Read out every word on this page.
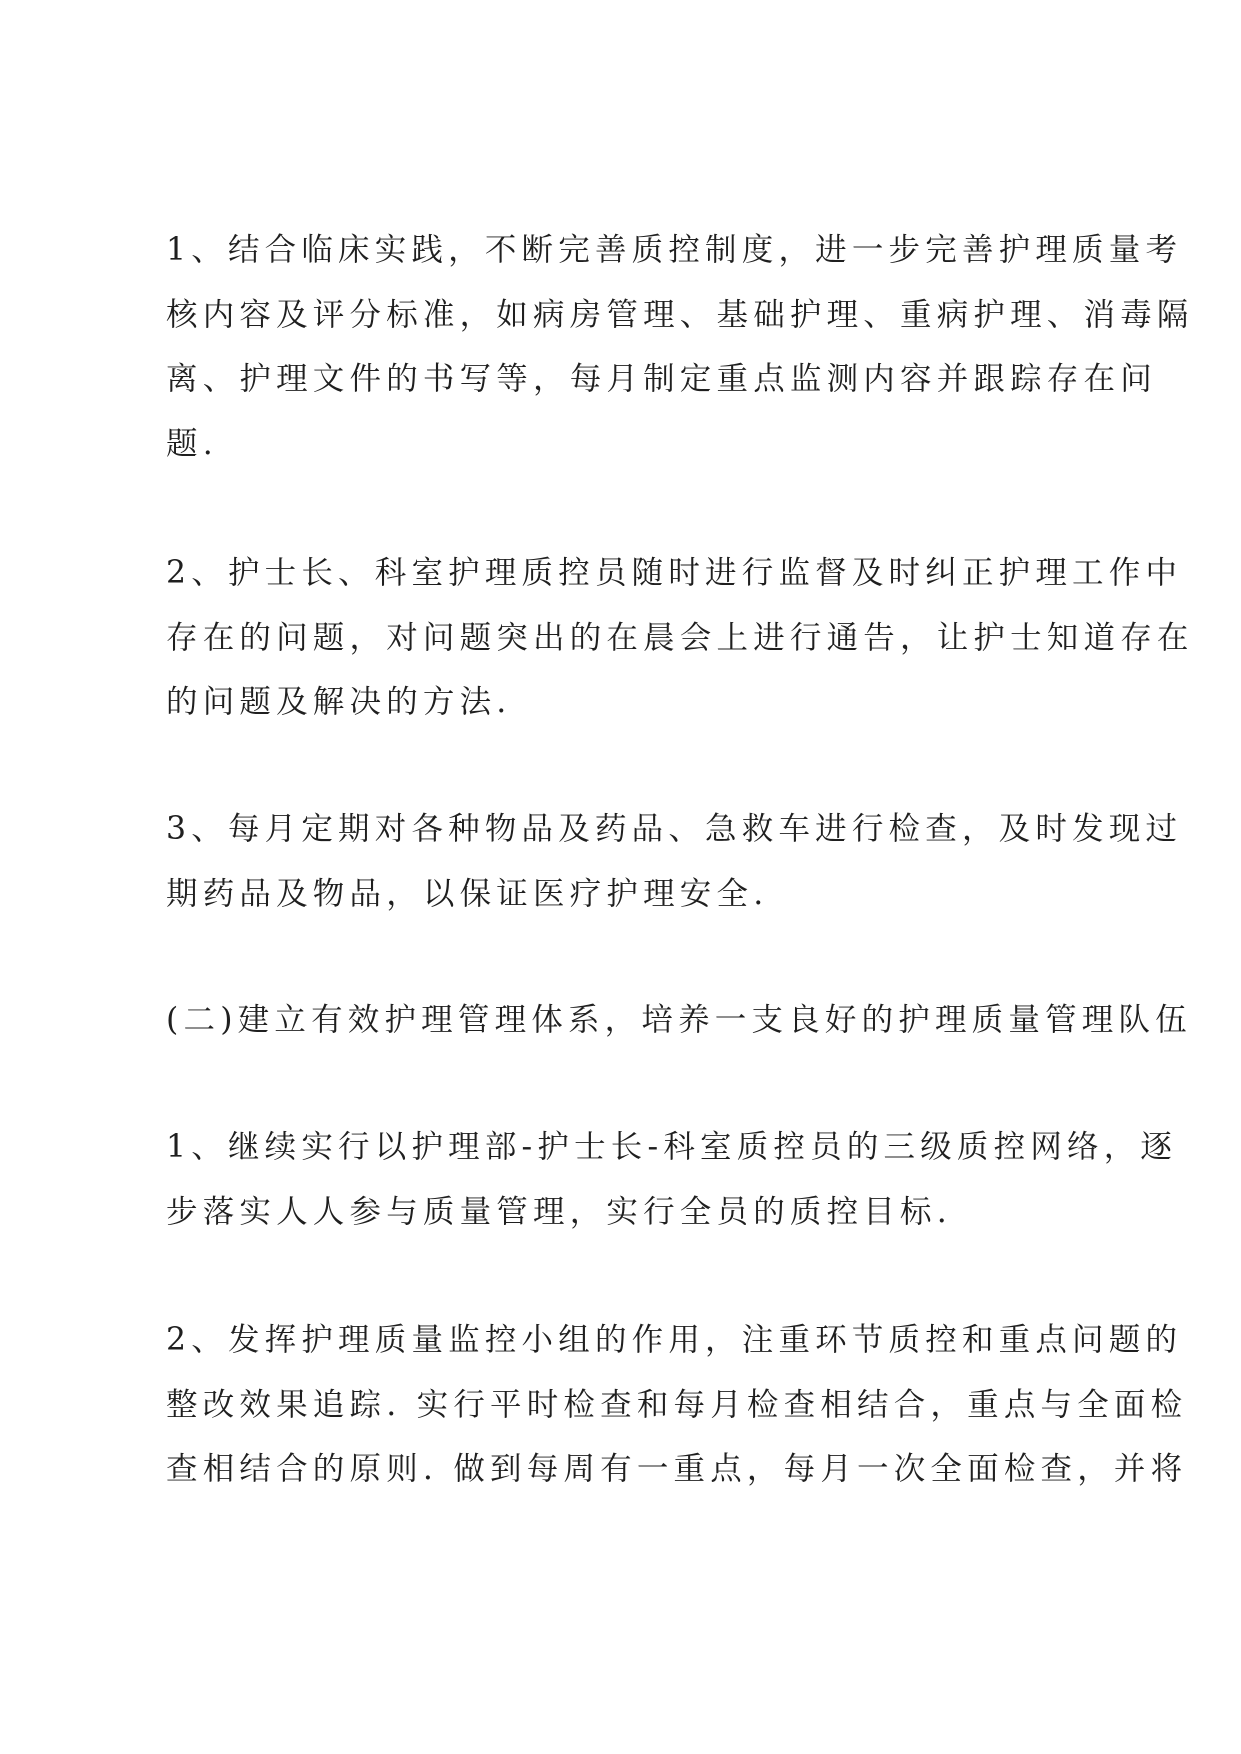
1、结合临床实践，不断完善质控制度，进一步完善护理质量考
核内容及评分标准，如病房管理、基础护理、重病护理、消毒隔
离、护理文件的书写等，每月制定重点监测内容并跟踪存在问
题.

2、护士长、科室护理质控员随时进行监督及时纠正护理工作中
存在的问题，对问题突出的在晨会上进行通告，让护士知道存在
的问题及解决的方法.

3、每月定期对各种物品及药品、急救车进行检查，及时发现过
期药品及物品，以保证医疗护理安全.

(二)建立有效护理管理体系，培养一支良好的护理质量管理队伍

1、继续实行以护理部-护士长-科室质控员的三级质控网络，逐
步落实人人参与质量管理，实行全员的质控目标.

2、发挥护理质量监控小组的作用，注重环节质控和重点问题的
整改效果追踪. 实行平时检查和每月检查相结合，重点与全面检
查相结合的原则. 做到每周有一重点，每月一次全面检查，并将
